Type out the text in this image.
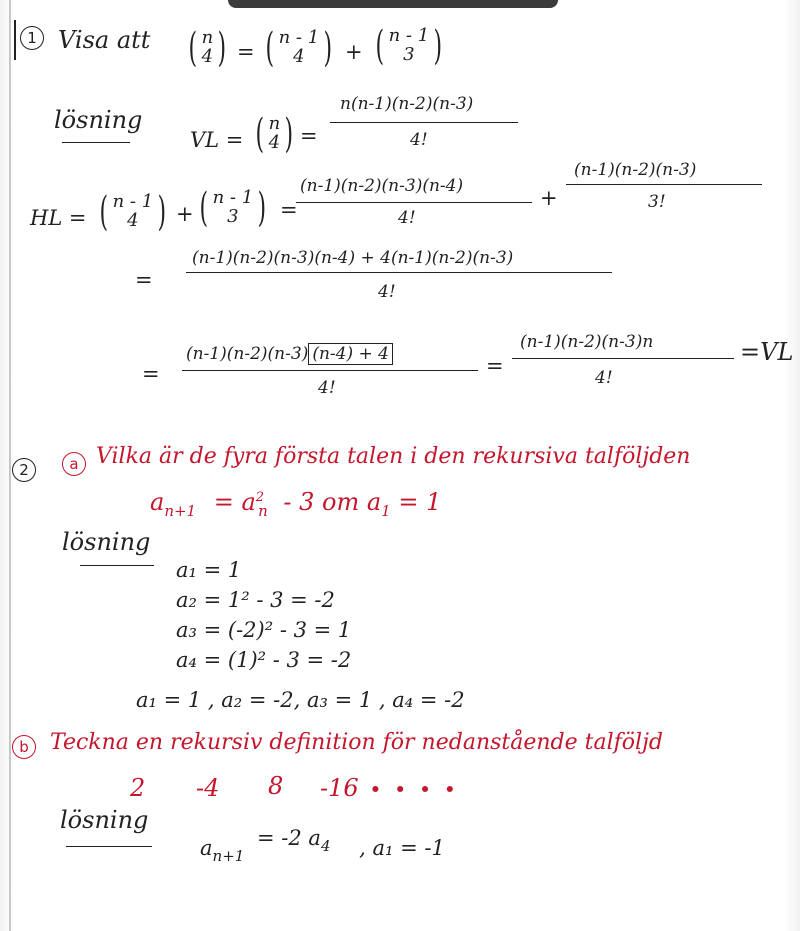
1 Visa att ( n
4 ) = ( n - 1
4 ) + ( n - 1
3 )
lösning
VL = ( n
4 ) =
n(n-1)(n-2)(n-3)
4!
HL = ( n - 1
4 ) + ( n - 1
3 ) =
(n-1)(n-2)(n-3)(n-4)
4!
+
(n-1)(n-2)(n-3)
3!
=
(n-1)(n-2)(n-3)(n-4) + 4(n-1)(n-2)(n-3)
4!
=
(n-1)(n-2)(n-3) (n-4) + 4
4!
=
(n-1)(n-2)(n-3)n
4!
=VL
2	a Vilka är de fyra första talen i den rekursiva talföljden
$a_{n+1} = a^2_n - 3$ om $a_1 = 1$
lösning
a₁ = 1
a₂ = 1² - 3 = -2
a₃ = (-2)² - 3 = 1
a₄ = (1)² - 3 = -2
a₁ = 1 , a₂ = -2, a₃ = 1 , a₄ = -2
b Teckna en rekursiv definition för nedanstående talföljd
2 -4 8 -16 • • • •
lösning
$a_{n+1} = -2$ $a_4$ , a₁ = -1
